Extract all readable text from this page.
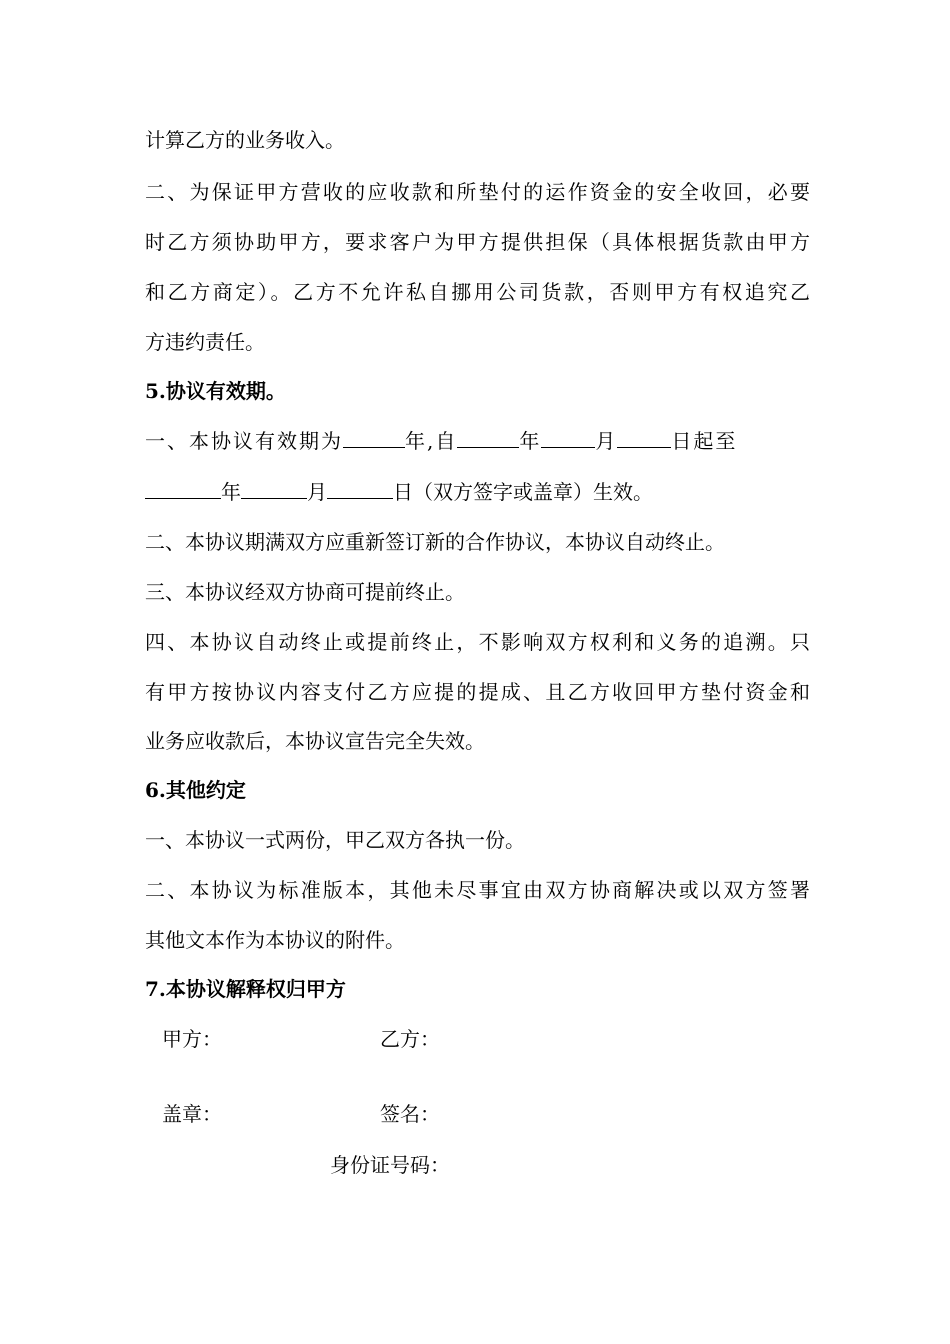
计算乙方的业务收入。
二、为保证甲方营收的应收款和所垫付的运作资金的安全收回，必要
时乙方须协助甲方，要求客户为甲方提供担保（具体根据货款由甲方
和乙方商定）。乙方不允许私自挪用公司货款，否则甲方有权追究乙
方违约责任。
5.协议有效期。
一、本协议有效期为	年,自	年	月	日起至
年	月	日（双方签字或盖章）生效。
二、本协议期满双方应重新签订新的合作协议，本协议自动终止。
三、本协议经双方协商可提前终止。
四、本协议自动终止或提前终止，不影响双方权利和义务的追溯。只
有甲方按协议内容支付乙方应提的提成、且乙方收回甲方垫付资金和
业务应收款后，本协议宣告完全失效。
6.其他约定
一、本协议一式两份，甲乙双方各执一份。
二、本协议为标准版本，其他未尽事宜由双方协商解决或以双方签署
其他文本作为本协议的附件。
7.本协议解释权归甲方
甲方：	乙方：
盖章：	签名：
身份证号码：
